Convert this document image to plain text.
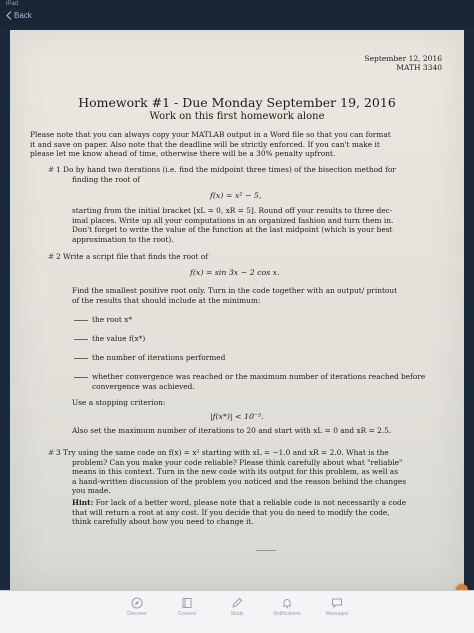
iPad
Back
September 12, 2016
MATH 3340
Homework #1 - Due Monday September 19, 2016
Work on this first homework alone
Please note that you can always copy your MATLAB output in a Word file so that you can format
it and save on paper. Also note that the deadline will be strictly enforced. If you can't make it
please let me know ahead of time, otherwise there will be a 30% penalty upfront.
# 1 Do by hand two iterations (i.e. find the midpoint three times) of the bisection method for
finding the root of
f(x) = x² − 5,
starting from the initial bracket [xL = 0, xR = 5]. Round off your results to three dec-
imal places. Write up all your computations in an organized fashion and turn them in.
Don't forget to write the value of the function at the last midpoint (which is your best
approximation to the root).
# 2 Write a script file that finds the root of
f(x) = sin 3x − 2 cos x.
Find the smallest positive root only. Turn in the code together with an output/ printout
of the results that should include at the minimum:
the root x*
the value f(x*)
the number of iterations performed
whether convergence was reached or the maximum number of iterations reached before
convergence was achieved.
Use a stopping criterion:
|f(x*)| < 10⁻⁵.
Also set the maximum number of iterations to 20 and start with xL = 0 and xR = 2.5.
# 3 Try using the same code on f(x) = x² starting with xL = −1.0 and xR = 2.0. What is the
problem? Can you make your code reliable? Please think carefully about what "reliable"
means in this context. Turn in the new code with its output for this problem, as well as
a hand-written discussion of the problem you noticed and the reason behind the changes
you made.
Hint: For lack of a better word, please note that a reliable code is not necessarily a code
that will return a root at any cost. If you decide that you do need to modify the code,
think carefully about how you need to change it.
Discover	Courses	Study	Notifications	Messages
